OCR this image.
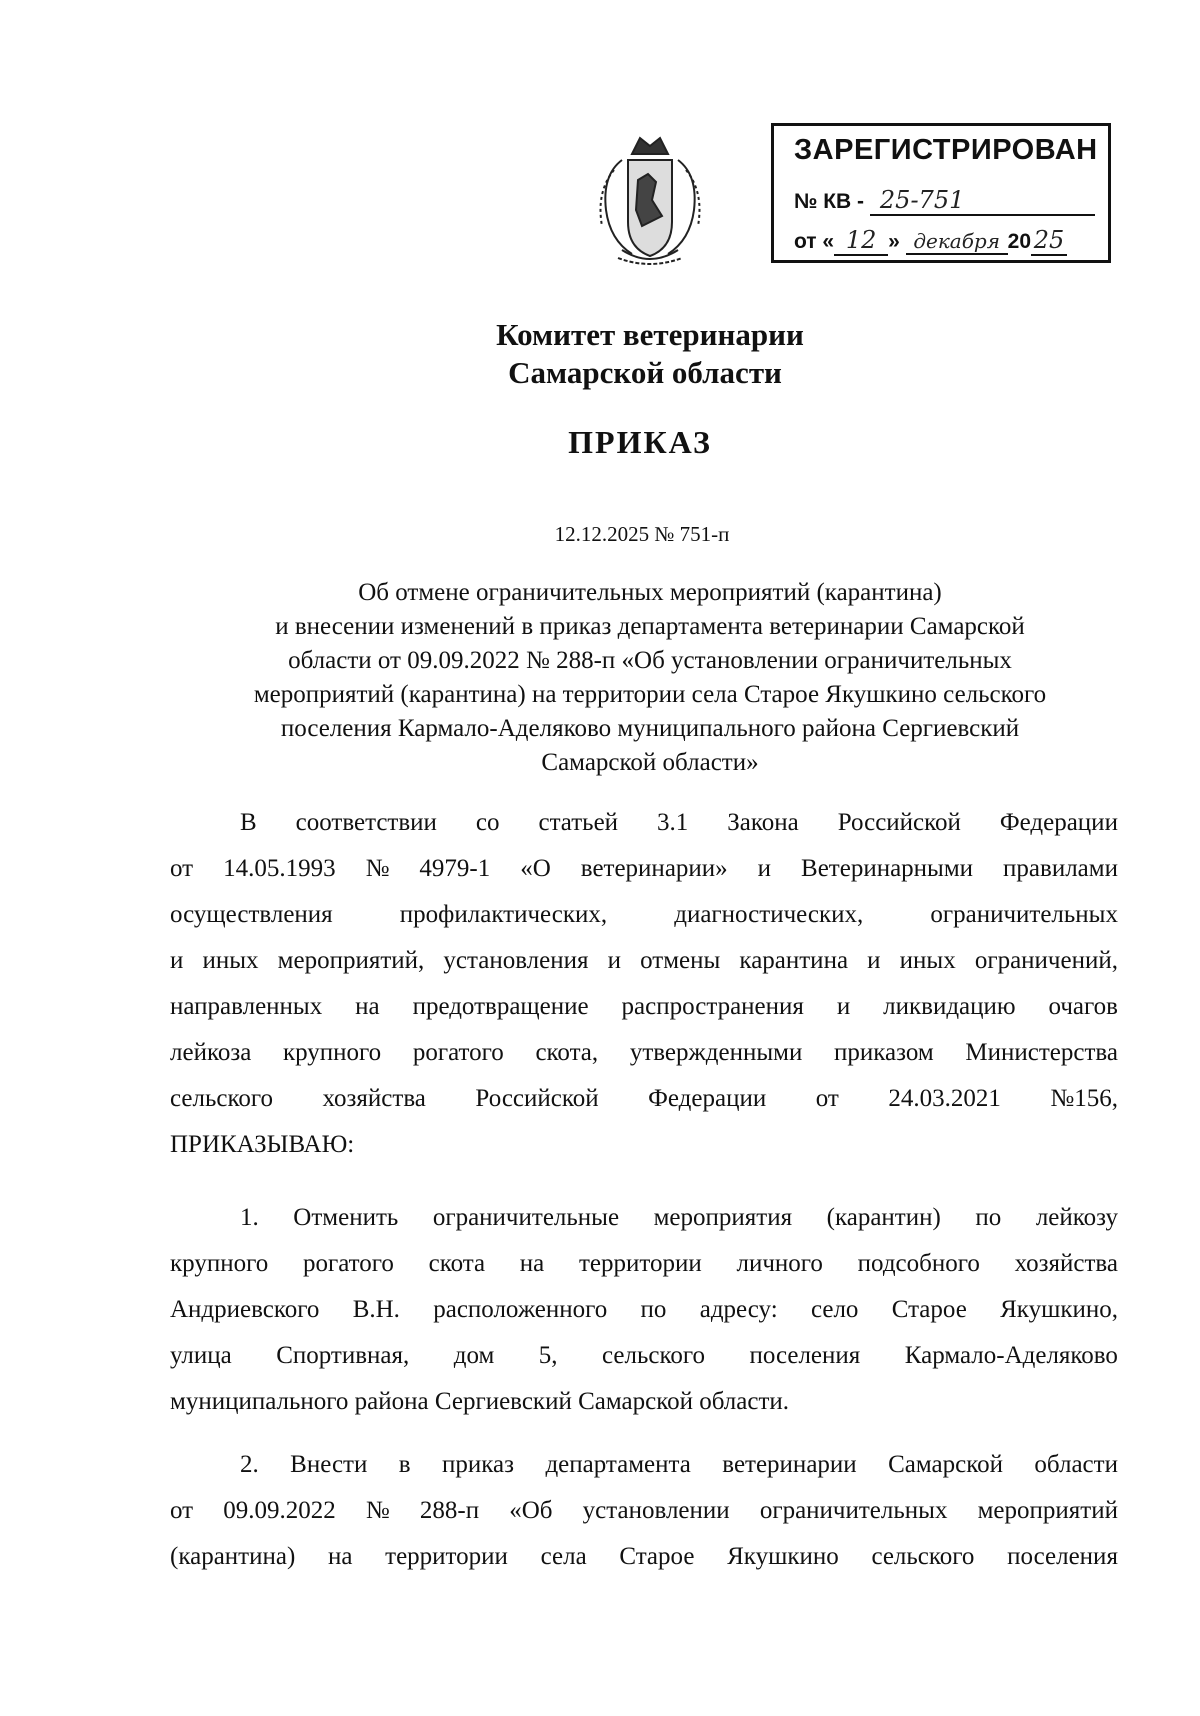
ЗАРЕГИСТРИРОВАН
№ КВ - 25-751
от « 12 » декабря 20 25
Комитет ветеринарии
Самарской области
ПРИКАЗ
12.12.2025 № 751-п
Об отмене ограничительных мероприятий (карантина)
и внесении изменений в приказ департамента ветеринарии Самарской
области от 09.09.2022 № 288-п «Об установлении ограничительных
мероприятий (карантина) на территории села Старое Якушкино сельского
поселения Кармало-Аделяково муниципального района Сергиевский
Самарской области»
В соответствии со статьей 3.1 Закона Российской Федерации
от 14.05.1993 № 4979-1 «О ветеринарии» и Ветеринарными правилами
осуществления	профилактических,	диагностических,	ограничительных
и иных мероприятий, установления и отмены карантина и иных ограничений,
направленных на предотвращение распространения и ликвидацию очагов
лейкоза крупного рогатого скота, утвержденными приказом Министерства
сельского хозяйства Российской Федерации от 24.03.2021 №156,
ПРИКАЗЫВАЮ:
1. Отменить ограничительные мероприятия (карантин) по лейкозу
крупного рогатого скота на территории личного подсобного хозяйства
Андриевского В.Н. расположенного по адресу: село Старое Якушкино,
улица Спортивная, дом 5, сельского поселения Кармало-Аделяково
муниципального района Сергиевский Самарской области.
2. Внести в приказ департамента ветеринарии Самарской области
от 09.09.2022 № 288-п «Об установлении ограничительных мероприятий
(карантина) на территории села Старое Якушкино сельского поселения
